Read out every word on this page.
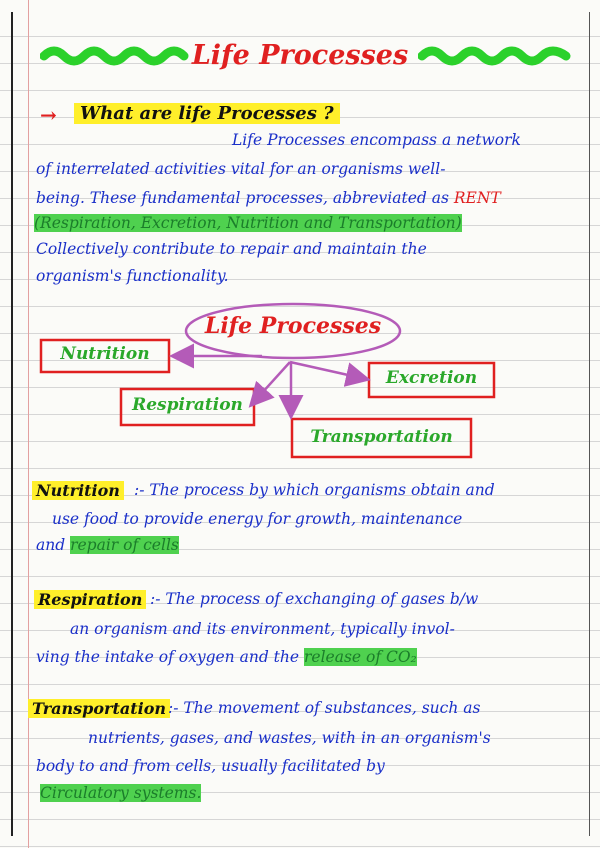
Life Processes
→	What are life Processes ?
Life Processes encompass a network
of interrelated activities vital for an organisms well-
being. These fundamental processes, abbreviated as RENT
(Respiration, Excretion, Nutrition and Transportation)
Collectively contribute to repair and maintain the
organism's functionality.
Life Processes
Nutrition
Excretion
Respiration
Transportation
Nutrition :- The process by which organisms obtain and
use food to provide energy for growth, maintenance
and repair of cells
Respiration :- The process of exchanging of gases b/w
an organism and its environment, typically invol-
ving the intake of oxygen and the release of CO₂
Transportation :- The movement of substances, such as
nutrients, gases, and wastes, with in an organism's
body to and from cells, usually facilitated by
Circulatory systems.
